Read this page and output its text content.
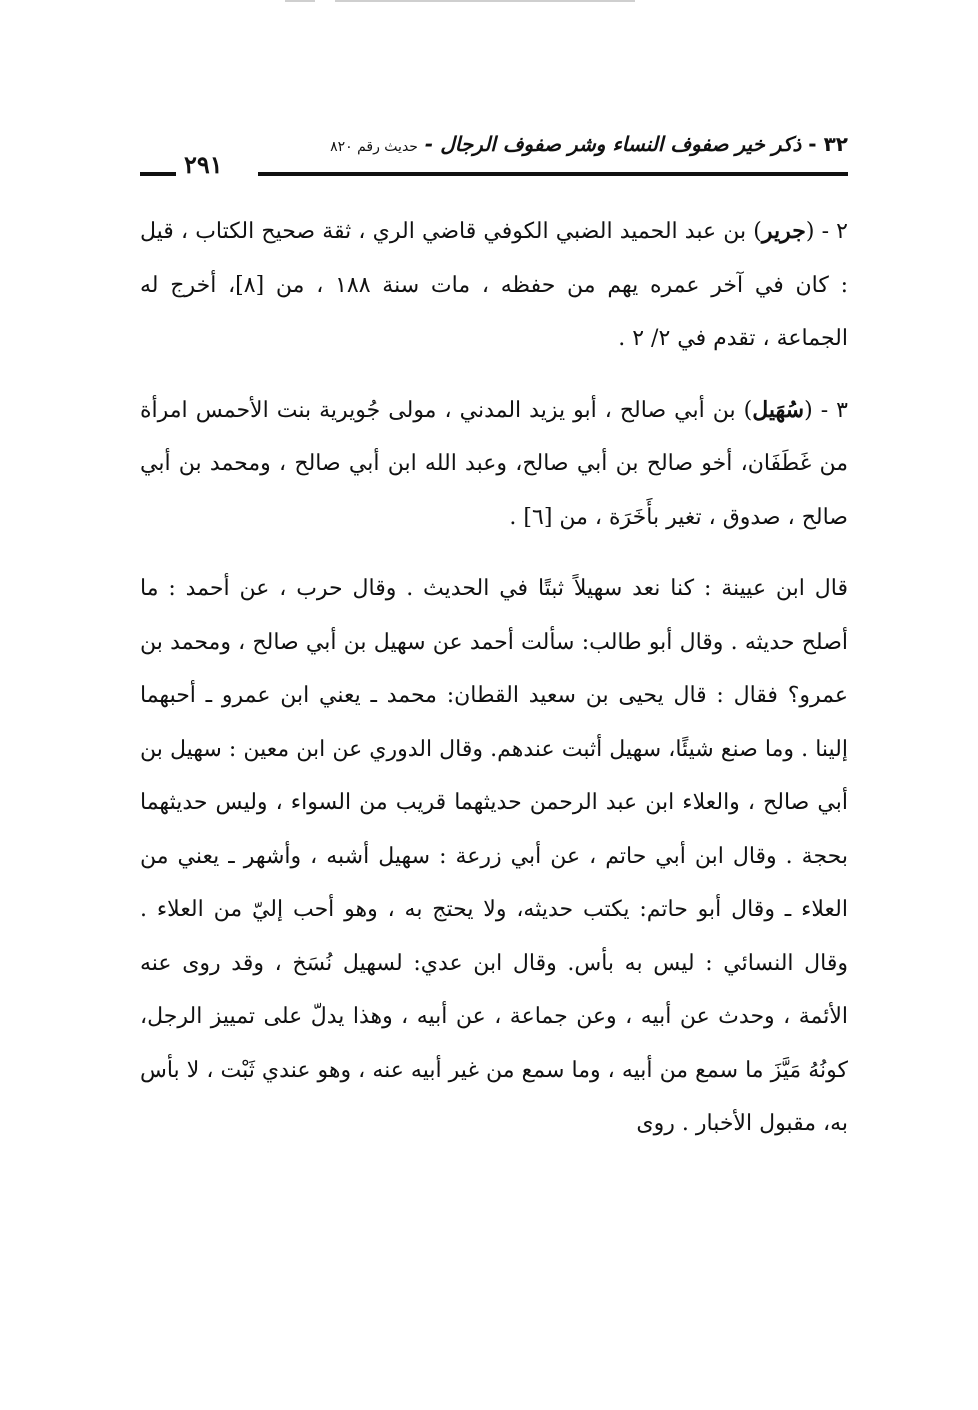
٣٢ - ذكر خير صفوف النساء وشر صفوف الرجال - حديث رقم ٨٢٠
٢٩١

٢ - (جرير) بن عبد الحميد الضبي الكوفي قاضي الري ، ثقة صحيح الكتاب ، قيل : كان في آخر عمره يهم من حفظه ، مات سنة ١٨٨ ، من [٨]، أخرج له الجماعة ، تقدم في ٢/ ٢ .

٣ - (سُهَيل) بن أبي صالح ، أبو يزيد المدني ، مولى جُويرية بنت الأحمس امرأة من غَطَفَان، أخو صالح بن أبي صالح، وعبد الله ابن أبي صالح ، ومحمد بن أبي صالح ، صدوق ، تغير بأَخَرَة ، من [٦] .

قال ابن عيينة : كنا نعد سهيلاً ثبتًا في الحديث . وقال حرب ، عن أحمد : ما أصلح حديثه . وقال أبو طالب: سألت أحمد عن سهيل بن أبي صالح ، ومحمد بن عمرو؟ فقال : قال يحيى بن سعيد القطان: محمد ـ يعني ابن عمرو ـ أحبهما إلينا . وما صنع شيئًا، سهيل أثبت عندهم. وقال الدوري عن ابن معين : سهيل بن أبي صالح ، والعلاء ابن عبد الرحمن حديثهما قريب من السواء ، وليس حديثهما بحجة . وقال ابن أبي حاتم ، عن أبي زرعة : سهيل أشبه ، وأشهر ـ يعني من العلاء ـ وقال أبو حاتم: يكتب حديثه، ولا يحتج به ، وهو أحب إليّ من العلاء . وقال النسائي : ليس به بأس. وقال ابن عدي: لسهيل نُسَخ ، وقد روى عنه الأئمة ، وحدث عن أبيه ، وعن جماعة ، عن أبيه ، وهذا يدلّ على تمييز الرجل، كونُهُ مَيَّزَ ما سمع من أبيه ، وما سمع من غير أبيه عنه ، وهو عندي ثَبْت ، لا بأس به، مقبول الأخبار . روى
